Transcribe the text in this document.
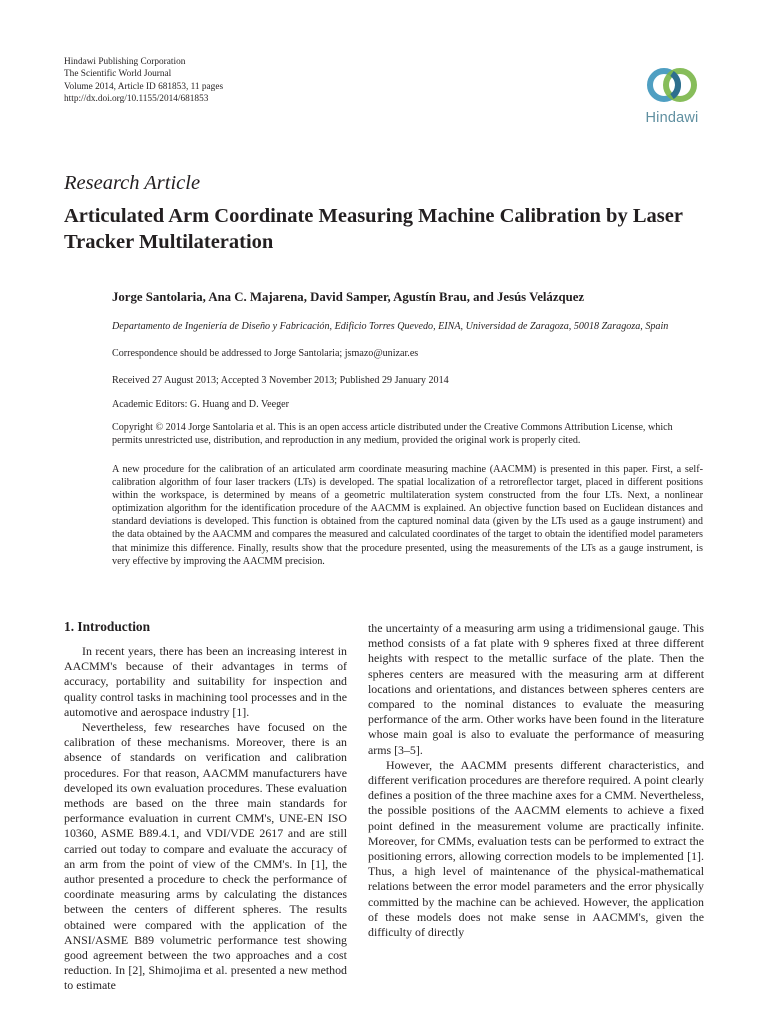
Hindawi Publishing Corporation
The Scientific World Journal
Volume 2014, Article ID 681853, 11 pages
http://dx.doi.org/10.1155/2014/681853
Hindawi
Research Article
Articulated Arm Coordinate Measuring Machine Calibration by Laser Tracker Multilateration
Jorge Santolaria, Ana C. Majarena, David Samper, Agustín Brau, and Jesús Velázquez
Departamento de Ingeniería de Diseño y Fabricación, Edificio Torres Quevedo, EINA, Universidad de Zaragoza, 50018 Zaragoza, Spain
Correspondence should be addressed to Jorge Santolaria; jsmazo@unizar.es
Received 27 August 2013; Accepted 3 November 2013; Published 29 January 2014
Academic Editors: G. Huang and D. Veeger
Copyright © 2014 Jorge Santolaria et al. This is an open access article distributed under the Creative Commons Attribution License, which permits unrestricted use, distribution, and reproduction in any medium, provided the original work is properly cited.
A new procedure for the calibration of an articulated arm coordinate measuring machine (AACMM) is presented in this paper. First, a self-calibration algorithm of four laser trackers (LTs) is developed. The spatial localization of a retroreflector target, placed in different positions within the workspace, is determined by means of a geometric multilateration system constructed from the four LTs. Next, a nonlinear optimization algorithm for the identification procedure of the AACMM is explained. An objective function based on Euclidean distances and standard deviations is developed. This function is obtained from the captured nominal data (given by the LTs used as a gauge instrument) and the data obtained by the AACMM and compares the measured and calculated coordinates of the target to obtain the identified model parameters that minimize this difference. Finally, results show that the procedure presented, using the measurements of the LTs as a gauge instrument, is very effective by improving the AACMM precision.
1. Introduction

In recent years, there has been an increasing interest in AACMM's because of their advantages in terms of accuracy, portability and suitability for inspection and quality control tasks in machining tool processes and in the automotive and aerospace industry [1].

Nevertheless, few researches have focused on the calibration of these mechanisms. Moreover, there is an absence of standards on verification and calibration procedures. For that reason, AACMM manufacturers have developed its own evaluation procedures. These evaluation methods are based on the three main standards for performance evaluation in current CMM's, UNE-EN ISO 10360, ASME B89.4.1, and VDI/VDE 2617 and are still carried out today to compare and evaluate the accuracy of an arm from the point of view of the CMM's. In [1], the author presented a procedure to check the performance of coordinate measuring arms by calculating the distances between the centers of different spheres. The results obtained were compared with the application of the ANSI/ASME B89 volumetric performance test showing good agreement between the two approaches and a cost reduction. In [2], Shimojima et al. presented a new method to estimate

the uncertainty of a measuring arm using a tridimensional gauge. This method consists of a fat plate with 9 spheres fixed at three different heights with respect to the metallic surface of the plate. Then the spheres centers are measured with the measuring arm at different locations and orientations, and distances between spheres centers are compared to the nominal distances to evaluate the measuring performance of the arm. Other works have been found in the literature whose main goal is also to evaluate the performance of measuring arms [3–5].

However, the AACMM presents different characteristics, and different verification procedures are therefore required. A point clearly defines a position of the three machine axes for a CMM. Nevertheless, the possible positions of the AACMM elements to achieve a fixed point defined in the measurement volume are practically infinite. Moreover, for CMMs, evaluation tests can be performed to extract the positioning errors, allowing correction models to be implemented [1]. Thus, a high level of maintenance of the physical-mathematical relations between the error model parameters and the error physically committed by the machine can be achieved. However, the application of these models does not make sense in AACMM's, given the difficulty of directly
